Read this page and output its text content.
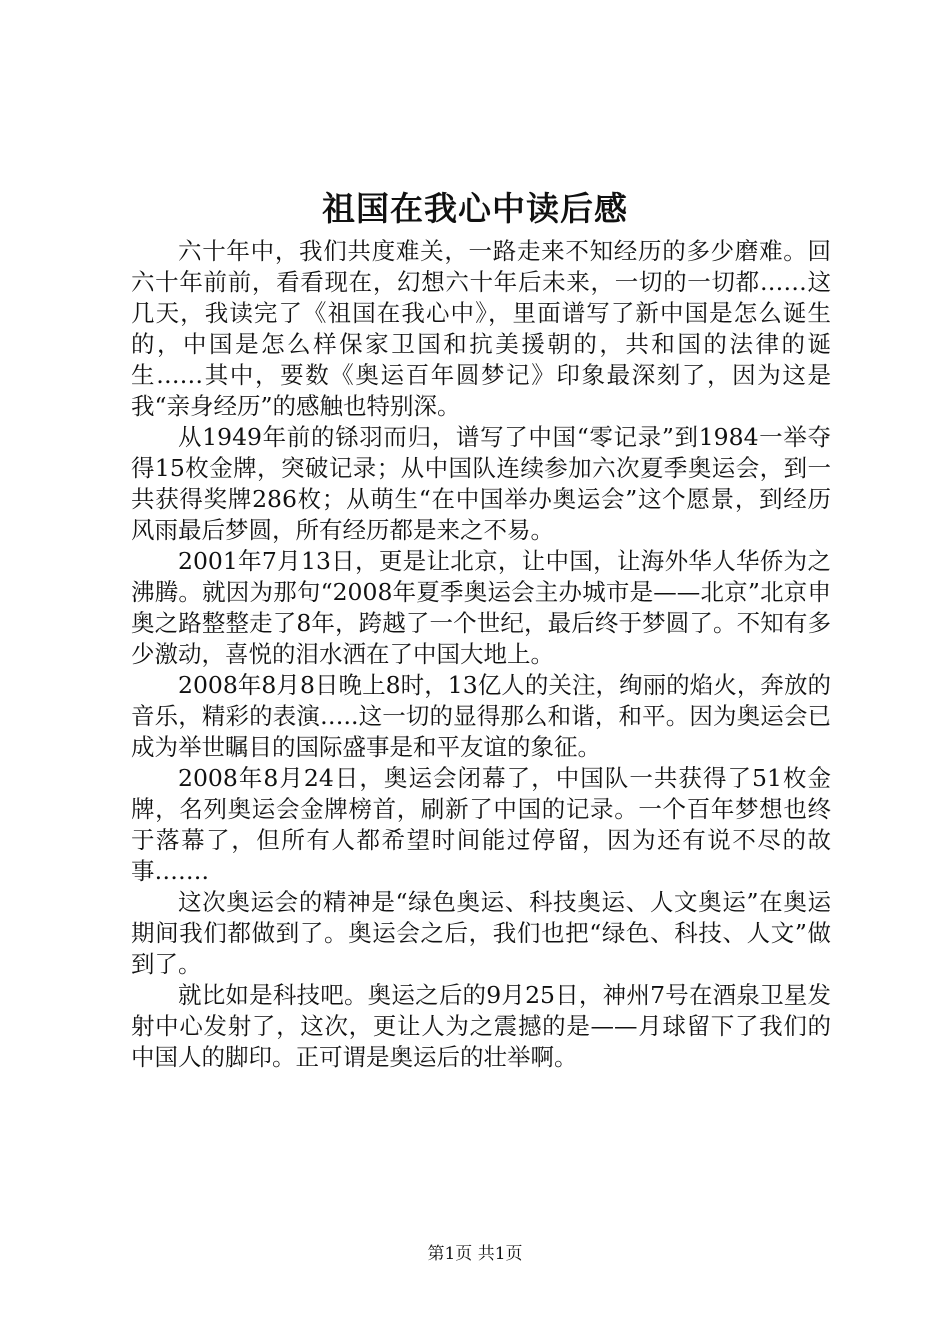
祖国在我心中读后感

六十年中，我们共度难关，一路走来不知经历的多少磨难。回六十年前前，看看现在，幻想六十年后未来，一切的一切都……这几天，我读完了《祖国在我心中》，里面谱写了新中国是怎么诞生的，中国是怎么样保家卫国和抗美援朝的，共和国的法律的诞生……其中，要数《奥运百年圆梦记》印象最深刻了，因为这是我“亲身经历”的感触也特别深。

从1949年前的铩羽而归，谱写了中国“零记录”到1984一举夺得15枚金牌，突破记录；从中国队连续参加六次夏季奥运会，到一共获得奖牌286枚；从萌生“在中国举办奥运会”这个愿景，到经历风雨最后梦圆，所有经历都是来之不易。

2001年7月13日，更是让北京，让中国，让海外华人华侨为之沸腾。就因为那句“2008年夏季奥运会主办城市是——北京”北京申奥之路整整走了8年，跨越了一个世纪，最后终于梦圆了。不知有多少激动，喜悦的泪水洒在了中国大地上。

2008年8月8日晚上8时，13亿人的关注，绚丽的焰火，奔放的音乐，精彩的表演…..这一切的显得那么和谐，和平。因为奥运会已成为举世瞩目的国际盛事是和平友谊的象征。

2008年8月24日，奥运会闭幕了，中国队一共获得了51枚金牌，名列奥运会金牌榜首，刷新了中国的记录。一个百年梦想也终于落幕了，但所有人都希望时间能过停留，因为还有说不尽的故事…….

这次奥运会的精神是“绿色奥运、科技奥运、人文奥运”在奥运期间我们都做到了。奥运会之后，我们也把“绿色、科技、人文”做到了。

就比如是科技吧。奥运之后的9月25日，神州7号在酒泉卫星发射中心发射了，这次，更让人为之震撼的是——月球留下了我们的中国人的脚印。正可谓是奥运后的壮举啊。

第1页 共1页
